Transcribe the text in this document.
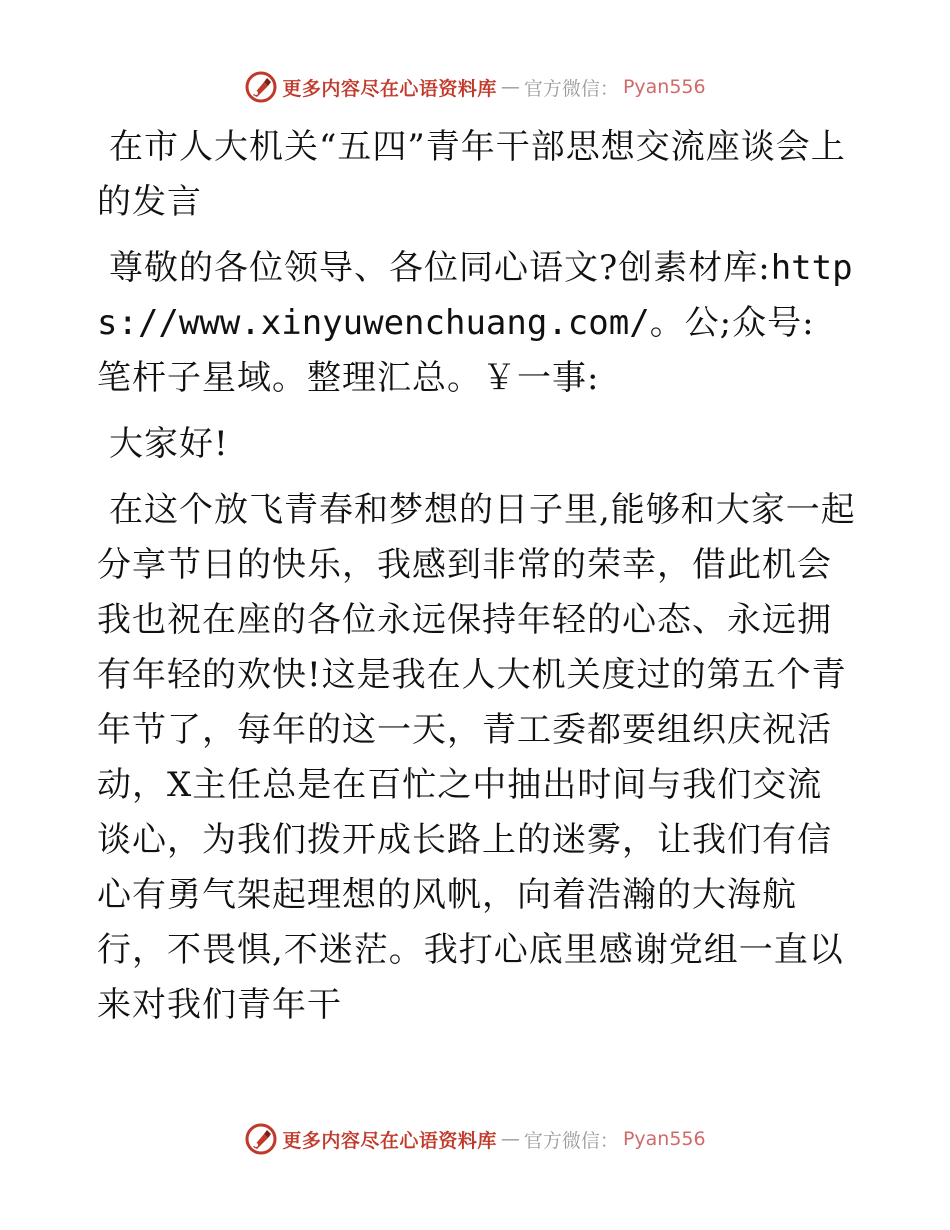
更多内容尽在心语资料库 — 官方微信： Pyan556

在市人大机关“五四”青年干部思想交流座谈会上的发言

尊敬的各位领导、各位同心语文?创素材库:https://www.xinyuwenchuang.com/。公;众号: 笔杆子星域。整理汇总。￥一事:

大家好!

在这个放飞青春和梦想的日子里,能够和大家一起分享节日的快乐，我感到非常的荣幸，借此机会我也祝在座的各位永远保持年轻的心态、永远拥有年轻的欢快!这是我在人大机关度过的第五个青年节了，每年的这一天，青工委都要组织庆祝活动，X主任总是在百忙之中抽出时间与我们交流谈心，为我们拨开成长路上的迷雾，让我们有信心有勇气架起理想的风帆，向着浩瀚的大海航行，不畏惧,不迷茫。我打心底里感谢党组一直以来对我们青年干

更多内容尽在心语资料库 — 官方微信： Pyan556
